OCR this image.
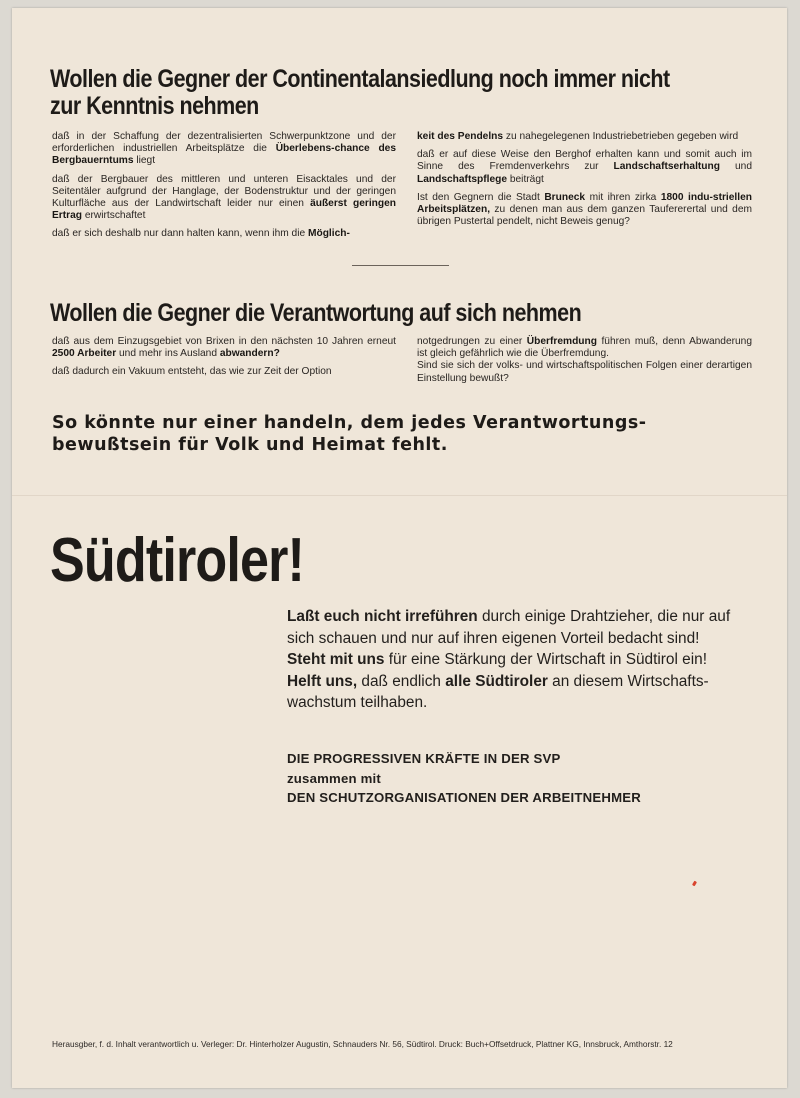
Wollen die Gegner der Continentalansiedlung noch immer nicht
zur Kenntnis nehmen

daß in der Schaffung der dezentralisierten Schwerpunktzone und der erforderlichen industriellen Arbeitsplätze die Überlebens-chance des Bergbauerntums liegt

daß der Bergbauer des mittleren und unteren Eisacktales und der Seitentäler aufgrund der Hanglage, der Bodenstruktur und der geringen Kulturfläche aus der Landwirtschaft leider nur einen äußerst geringen Ertrag erwirtschaftet

daß er sich deshalb nur dann halten kann, wenn ihm die Möglich-

keit des Pendelns zu nahegelegenen Industriebetrieben gegeben wird

daß er auf diese Weise den Berghof erhalten kann und somit auch im Sinne des Fremdenverkehrs zur Landschaftserhaltung und Landschaftspflege beiträgt

Ist den Gegnern die Stadt Bruneck mit ihren zirka 1800 indu-striellen Arbeitsplätzen, zu denen man aus dem ganzen Taufererertal und dem übrigen Pustertal pendelt, nicht Beweis genug?

Wollen die Gegner die Verantwortung auf sich nehmen

daß aus dem Einzugsgebiet von Brixen in den nächsten 10 Jahren erneut 2500 Arbeiter und mehr ins Ausland abwandern?

daß dadurch ein Vakuum entsteht, das wie zur Zeit der Option

notgedrungen zu einer Überfremdung führen muß, denn Abwanderung ist gleich gefährlich wie die Überfremdung.

Sind sie sich der volks- und wirtschaftspolitischen Folgen einer derartigen Einstellung bewußt?

So könnte nur einer handeln, dem jedes Verantwortungs-
bewußtsein für Volk und Heimat fehlt.
Südtiroler!

Laßt euch nicht irreführen durch einige Drahtzieher, die nur auf sich schauen und nur auf ihren eigenen Vorteil bedacht sind!

Steht mit uns für eine Stärkung der Wirtschaft in Südtirol ein!

Helft uns, daß endlich alle Südtiroler an diesem Wirtschafts-wachstum teilhaben.

DIE PROGRESSIVEN KRÄFTE IN DER SVP
zusammen mit
DEN SCHUTZORGANISATIONEN DER ARBEITNEHMER
Herausgber, f. d. Inhalt verantwortlich u. Verleger: Dr. Hinterholzer Augustin, Schnauders Nr. 56, Südtirol. Druck: Buch+Offsetdruck, Plattner KG, Innsbruck, Amthorstr. 12
